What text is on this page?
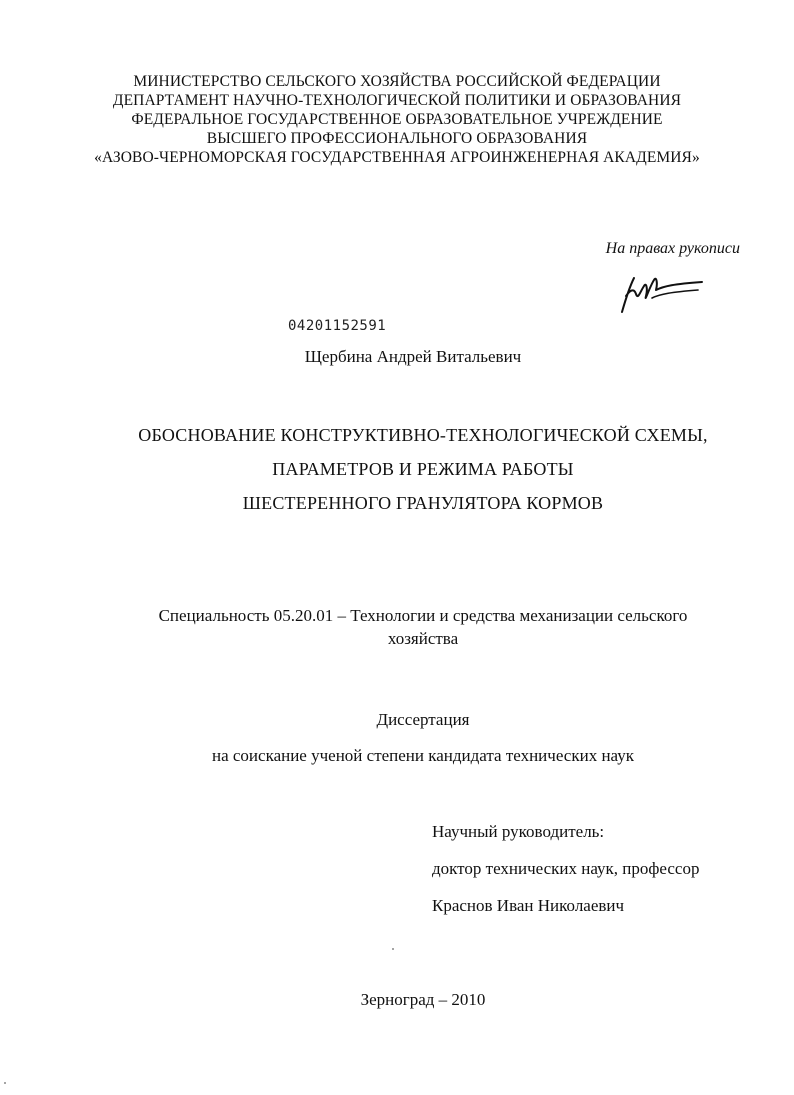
МИНИСТЕРСТВО СЕЛЬСКОГО ХОЗЯЙСТВА РОССИЙСКОЙ ФЕДЕРАЦИИ
ДЕПАРТАМЕНТ НАУЧНО-ТЕХНОЛОГИЧЕСКОЙ ПОЛИТИКИ И ОБРАЗОВАНИЯ
ФЕДЕРАЛЬНОЕ ГОСУДАРСТВЕННОЕ ОБРАЗОВАТЕЛЬНОЕ УЧРЕЖДЕНИЕ
ВЫСШЕГО ПРОФЕССИОНАЛЬНОГО ОБРАЗОВАНИЯ
«АЗОВО-ЧЕРНОМОРСКАЯ ГОСУДАРСТВЕННАЯ АГРОИНЖЕНЕРНАЯ АКАДЕМИЯ»
На правах рукописи
04201152591
Щербина Андрей Витальевич
ОБОСНОВАНИЕ КОНСТРУКТИВНО-ТЕХНОЛОГИЧЕСКОЙ СХЕМЫ,
ПАРАМЕТРОВ И РЕЖИМА РАБОТЫ
ШЕСТЕРЕННОГО ГРАНУЛЯТОРА КОРМОВ
Специальность 05.20.01 – Технологии и средства механизации сельского
хозяйства
Диссертация
на соискание ученой степени кандидата технических наук
Научный руководитель:
доктор технических наук, профессор
Краснов Иван Николаевич
Зерноград – 2010
